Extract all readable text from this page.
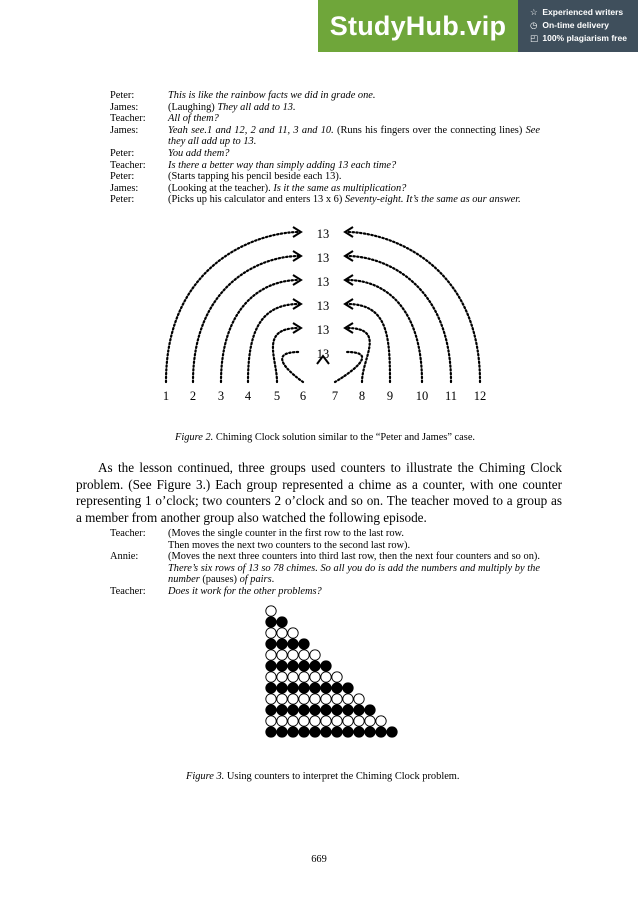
StudyHub.vip	☆ Experienced writers
◷ On-time delivery
◰ 100% plagiarism free
Peter:	This is like the rainbow facts we did in grade one.
James:	(Laughing) They all add to 13.
Teacher:	All of them?
James:	Yeah see.1 and 12, 2 and 11, 3 and 10. (Runs his fingers over the connecting lines) See they all add up to 13.
Peter:	You add them?
Teacher:	Is there a better way than simply adding 13 each time?
Peter:	(Starts tapping his pencil beside each 13).
James:	(Looking at the teacher). Is it the same as multiplication?
Peter:	(Picks up his calculator and enters 13 x 6) Seventy-eight. It’s the same as our answer.
1 2 3 4 5 6 7 8 9 10 11 12
13
13
13
13
13
13
Figure 2. Chiming Clock solution similar to the “Peter and James” case.
As the lesson continued, three groups used counters to illustrate the Chiming Clock problem. (See Figure 3.) Each group represented a chime as a counter, with one counter representing 1 o’clock; two counters 2 o’clock and so on. The teacher moved to a group as a member from another group also watched the following episode.
Teacher:	(Moves the single counter in the first row to the last row.
Then moves the next two counters to the second last row).
Annie:	(Moves the next three counters into third last row, then the next four counters and so on). There’s six rows of 13 so 78 chimes. So all you do is add the numbers and multiply by the number (pauses) of pairs.
Teacher:	Does it work for the other problems?
Figure 3. Using counters to interpret the Chiming Clock problem.
669
